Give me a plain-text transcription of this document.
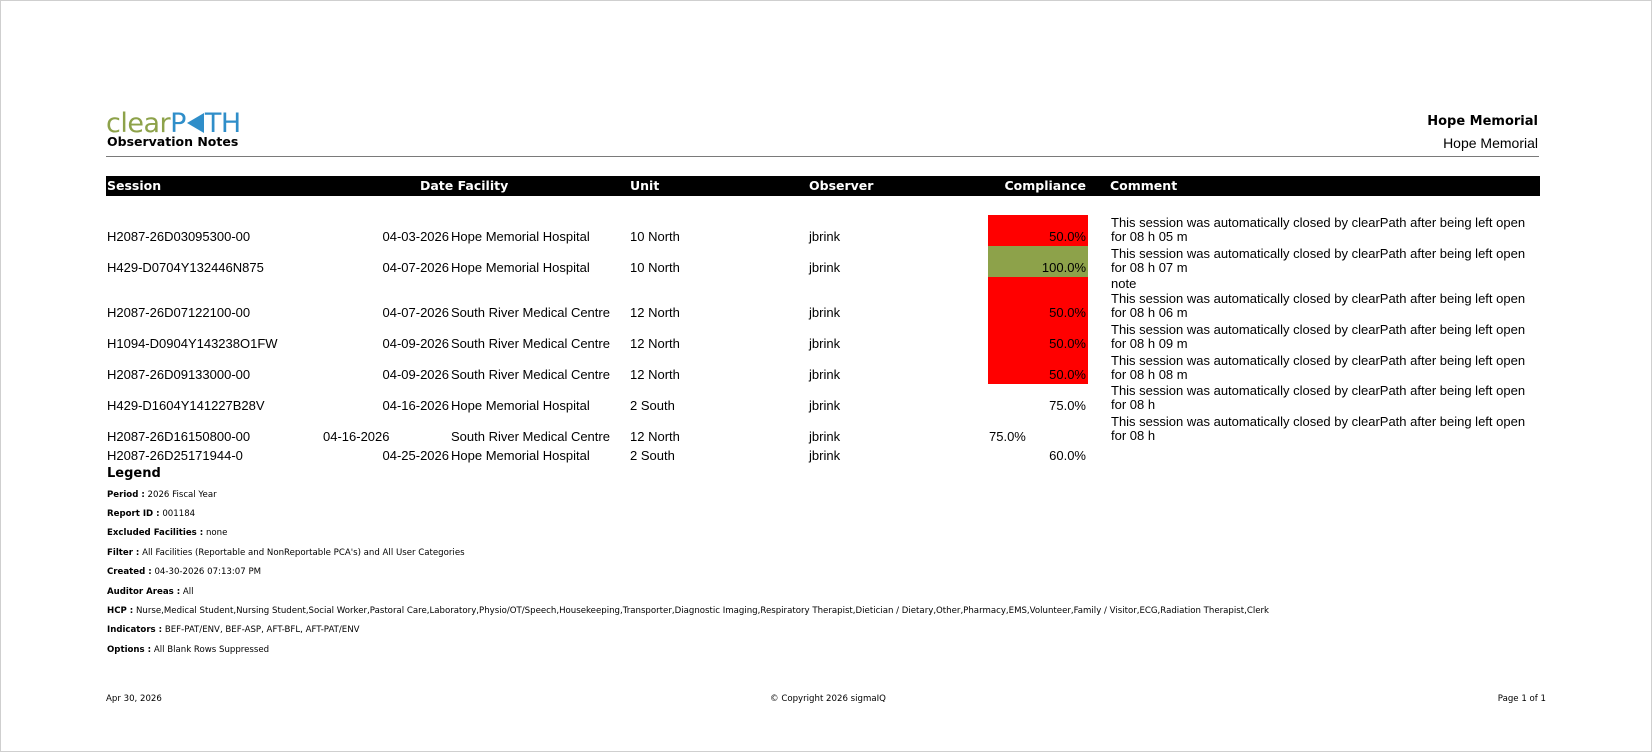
clearP TH
Observation Notes
Hope Memorial
Hope Memorial
Session	Date Facility	Unit	Observer	Compliance Comment
H2087-26D03095300-00	04-03-2026 Hope Memorial Hospital	10 North	jbrink	50.0%
This session was automatically closed by clearPath after being left open for 08 h 05 m
H429-D0704Y132446N875	04-07-2026 Hope Memorial Hospital	10 North	jbrink	100.0%
This session was automatically closed by clearPath after being left open for 08 h 07 m
H2087-26D07122100-00	04-07-2026 South River Medical Centre 12 North	jbrink	50.0%
note
This session was automatically closed by clearPath after being left open for 08 h 06 m
H1094-D0904Y143238O1FW	04-09-2026 South River Medical Centre 12 North	jbrink	50.0%
This session was automatically closed by clearPath after being left open for 08 h 09 m
H2087-26D09133000-00	04-09-2026 South River Medical Centre 12 North	jbrink	50.0%
This session was automatically closed by clearPath after being left open for 08 h 08 m
H429-D1604Y141227B28V	04-16-2026 Hope Memorial Hospital	2 South	jbrink	75.0%
This session was automatically closed by clearPath after being left open for 08 h
H2087-26D16150800-00	04-16-2026	South River Medical Centre 12 North	jbrink	75.0%
This session was automatically closed by clearPath after being left open for 08 h
H2087-26D25171944-0	04-25-2026 Hope Memorial Hospital	2 South	jbrink	60.0%
Legend
Period : 2026 Fiscal Year
Report ID : 001184
Excluded Facilities : none
Filter : All Facilities (Reportable and NonReportable PCA's) and All User Categories
Created : 04-30-2026 07:13:07 PM
Auditor Areas : All
HCP : Nurse,Medical Student,Nursing Student,Social Worker,Pastoral Care,Laboratory,Physio/OT/Speech,Housekeeping,Transporter,Diagnostic Imaging,Respiratory Therapist,Dietician / Dietary,Other,Pharmacy,EMS,Volunteer,Family / Visitor,ECG,Radiation Therapist,Clerk
Indicators : BEF-PAT/ENV, BEF-ASP, AFT-BFL, AFT-PAT/ENV
Options : All Blank Rows Suppressed
Apr 30, 2026	© Copyright 2026 sigmaIQ	Page 1 of 1
